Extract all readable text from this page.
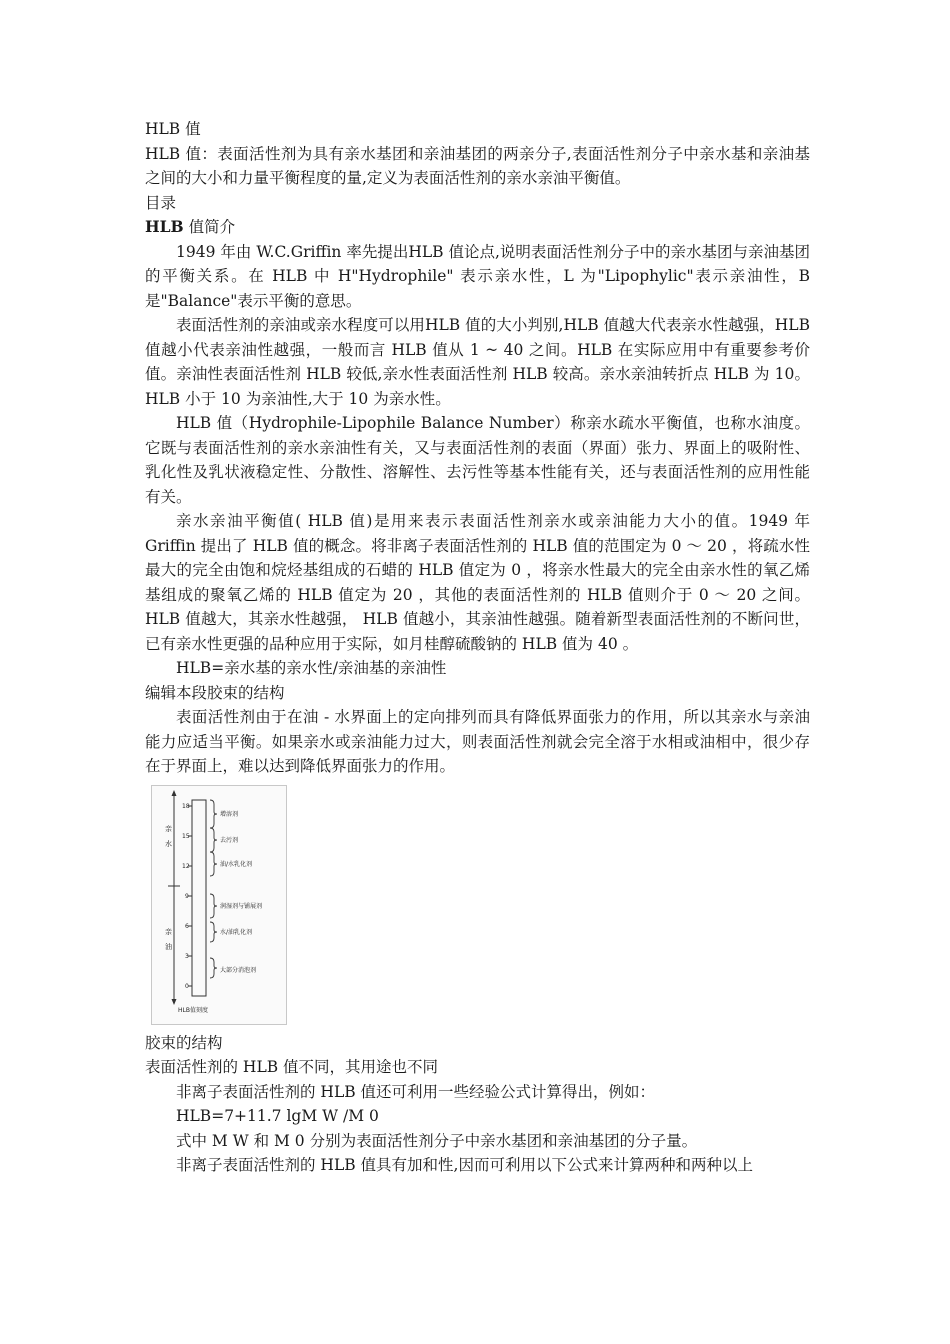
HLB 值

HLB 值：表面活性剂为具有亲水基团和亲油基团的两亲分子,表面活性剂分子中亲水基和亲油基之间的大小和力量平衡程度的量,定义为表面活性剂的亲水亲油平衡值。

目录

HLB 值简介

1949 年由 W.C.Griffin 率先提出HLB 值论点,说明表面活性剂分子中的亲水基团与亲油基团的平衡关系。在 HLB 中 H"Hydrophile" 表示亲水性，L 为"Lipophylic"表示亲油性，B 是"Balance"表示平衡的意思。

表面活性剂的亲油或亲水程度可以用HLB 值的大小判别,HLB 值越大代表亲水性越强，HLB 值越小代表亲油性越强，一般而言 HLB 值从 1 ~ 40 之间。HLB 在实际应用中有重要参考价值。亲油性表面活性剂 HLB 较低,亲水性表面活性剂 HLB 较高。亲水亲油转折点 HLB 为 10。HLB 小于 10 为亲油性,大于 10 为亲水性。

HLB 值（Hydrophile-Lipophile Balance Number）称亲水疏水平衡值，也称水油度。它既与表面活性剂的亲水亲油性有关，又与表面活性剂的表面（界面）张力、界面上的吸附性、乳化性及乳状液稳定性、分散性、溶解性、去污性等基本性能有关，还与表面活性剂的应用性能有关。

亲水亲油平衡值( HLB 值)是用来表示表面活性剂亲水或亲油能力大小的值。1949 年 Griffin 提出了 HLB 值的概念。将非离子表面活性剂的 HLB 值的范围定为 0 ～ 20 ，将疏水性最大的完全由饱和烷烃基组成的石蜡的 HLB 值定为 0 ，将亲水性最大的完全由亲水性的氧乙烯基组成的聚氧乙烯的 HLB 值定为 20 ，其他的表面活性剂的 HLB 值则介于 0 ～ 20 之间。 HLB 值越大，其亲水性越强， HLB 值越小，其亲油性越强。随着新型表面活性剂的不断问世，已有亲水性更强的品种应用于实际，如月桂醇硫酸钠的 HLB 值为 40 。

HLB=亲水基的亲水性/亲油基的亲油性

编辑本段胶束的结构

表面活性剂由于在油 - 水界面上的定向排列而具有降低界面张力的作用，所以其亲水与亲油能力应适当平衡。如果亲水或亲油能力过大，则表面活性剂就会完全溶于水相或油相中，很少存在于界面上，难以达到降低界面张力的作用。

亲
水
亲
油
18
15
12
9
6
3
0
增溶剂
去污剂
油/水乳化剂
润湿剂与铺展剂
水/油乳化剂
大部分消泡剂
HLB值刻度

胶束的结构

表面活性剂的 HLB 值不同，其用途也不同

非离子表面活性剂的 HLB 值还可利用一些经验公式计算得出，例如：

HLB=7+11.7 lgM W /M 0

式中 M W 和 M 0 分别为表面活性剂分子中亲水基团和亲油基团的分子量。

非离子表面活性剂的 HLB 值具有加和性,因而可利用以下公式来计算两种和两种以上
